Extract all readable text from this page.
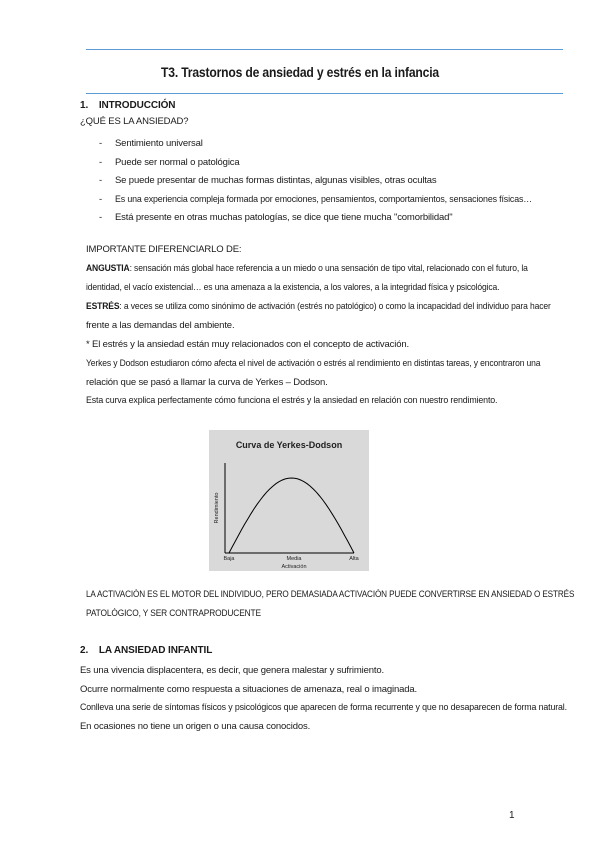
T3. Trastornos de ansiedad y estrés en la infancia
1.    INTRODUCCIÓN
¿QUÉ ES LA ANSIEDAD?
- Sentimiento universal
- Puede ser normal o patológica
- Se puede presentar de muchas formas distintas, algunas visibles, otras ocultas
- Es una experiencia compleja formada por emociones, pensamientos, comportamientos, sensaciones físicas…
- Está presente en otras muchas patologías, se dice que tiene mucha "comorbilidad"
IMPORTANTE DIFERENCIARLO DE:
ANGUSTIA: sensación más global hace referencia a un miedo o una sensación de tipo vital, relacionado con el futuro, la
identidad, el vacío existencial… es una amenaza a la existencia, a los valores, a la integridad física y psicológica.
ESTRÉS: a veces se utiliza como sinónimo de activación (estrés no patológico) o como la incapacidad del individuo para hacer
frente a las demandas del ambiente.
* El estrés y la ansiedad están muy relacionados con el concepto de activación.
Yerkes y Dodson estudiaron cómo afecta el nivel de activación o estrés al rendimiento en distintas tareas, y encontraron una
relación que se pasó a llamar la curva de Yerkes – Dodson.
Esta curva explica perfectamente cómo funciona el estrés y la ansiedad en relación con nuestro rendimiento.
Curva de Yerkes-Dodson
Rendimiento
Baja	Media	Alta
Activación
LA ACTIVACIÓN ES EL MOTOR DEL INDIVIDUO, PERO DEMASIADA ACTIVACIÓN PUEDE CONVERTIRSE EN ANSIEDAD O ESTRÉS
PATOLÓGICO, Y SER CONTRAPRODUCENTE
2.    LA ANSIEDAD INFANTIL
Es una vivencia displacentera, es decir, que genera malestar y sufrimiento.
Ocurre normalmente como respuesta a situaciones de amenaza, real o imaginada.
Conlleva una serie de síntomas físicos y psicológicos que aparecen de forma recurrente y que no desaparecen de forma natural.
En ocasiones no tiene un origen o una causa conocidos.
1
